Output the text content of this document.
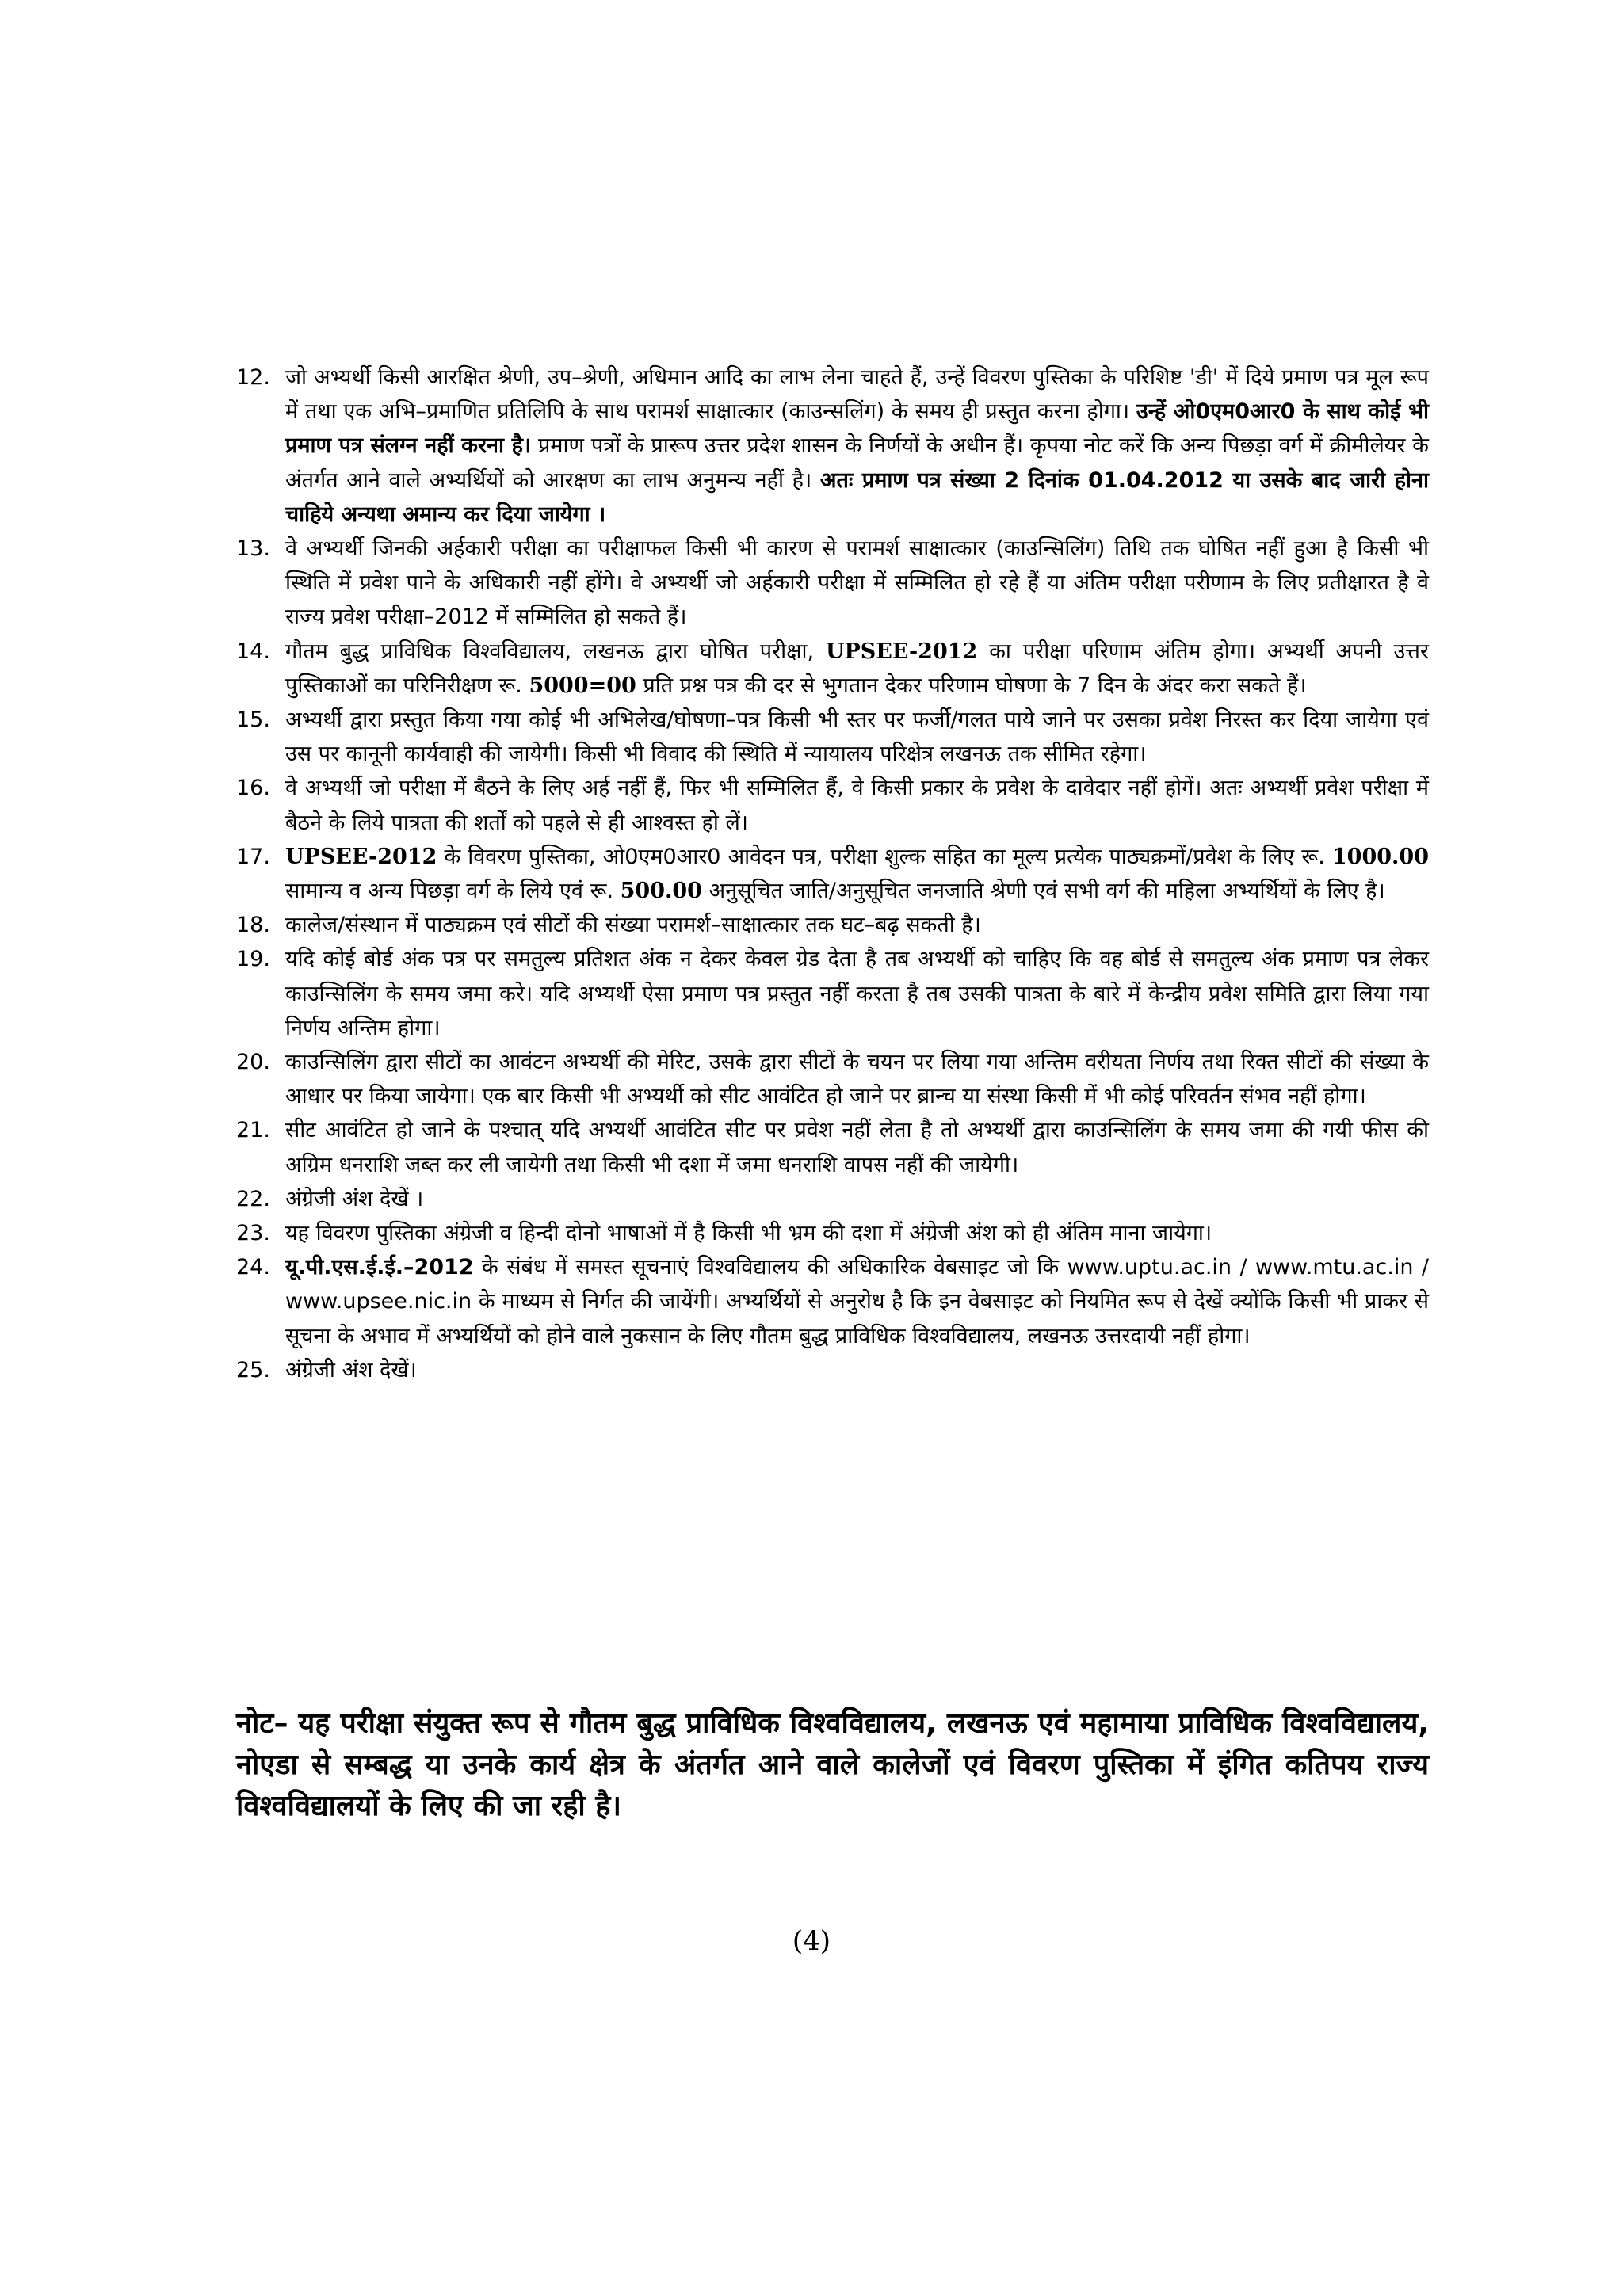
12. जो अभ्यर्थी किसी आरक्षित श्रेणी, उप–श्रेणी, अधिमान आदि का लाभ लेना चाहते हैं, उन्हें विवरण पुस्तिका के परिशिष्ट 'डी' में दिये प्रमाण पत्र मूल रूप में तथा एक अभि–प्रमाणित प्रतिलिपि के साथ परामर्श साक्षात्कार (काउन्सलिंग) के समय ही प्रस्तुत करना होगा। उन्हें ओ0एम0आर0 के साथ कोई भी प्रमाण पत्र संलग्न नहीं करना है। प्रमाण पत्रों के प्रारूप उत्तर प्रदेश शासन के निर्णयों के अधीन हैं। कृपया नोट करें कि अन्य पिछड़ा वर्ग में क्रीमीलेयर के अंतर्गत आने वाले अभ्यर्थियों को आरक्षण का लाभ अनुमन्य नहीं है। अतः प्रमाण पत्र संख्या 2 दिनांक 01.04.2012 या उसके बाद जारी होना चाहिये अन्यथा अमान्य कर दिया जायेगा ।
13. वे अभ्यर्थी जिनकी अर्हकारी परीक्षा का परीक्षाफल किसी भी कारण से परामर्श साक्षात्कार (काउन्सिलिंग) तिथि तक घोषित नहीं हुआ है किसी भी स्थिति में प्रवेश पाने के अधिकारी नहीं होंगे। वे अभ्यर्थी जो अर्हकारी परीक्षा में सम्मिलित हो रहे हैं या अंतिम परीक्षा परीणाम के लिए प्रतीक्षारत है वे राज्य प्रवेश परीक्षा–2012 में सम्मिलित हो सकते हैं।
14. गौतम बुद्ध प्राविधिक विश्वविद्यालय, लखनऊ द्वारा घोषित परीक्षा, UPSEE-2012 का परीक्षा परिणाम अंतिम होगा। अभ्यर्थी अपनी उत्तर पुस्तिकाओं का परिनिरीक्षण रू. 5000=00 प्रति प्रश्न पत्र की दर से भुगतान देकर परिणाम घोषणा के 7 दिन के अंदर करा सकते हैं।
15. अभ्यर्थी द्वारा प्रस्तुत किया गया कोई भी अभिलेख/घोषणा–पत्र किसी भी स्तर पर फर्जी/गलत पाये जाने पर उसका प्रवेश निरस्त कर दिया जायेगा एवं उस पर कानूनी कार्यवाही की जायेगी। किसी भी विवाद की स्थिति में न्यायालय परिक्षेत्र लखनऊ तक सीमित रहेगा।
16. वे अभ्यर्थी जो परीक्षा में बैठने के लिए अर्ह नहीं हैं, फिर भी सम्मिलित हैं, वे किसी प्रकार के प्रवेश के दावेदार नहीं होगें। अतः अभ्यर्थी प्रवेश परीक्षा में बैठने के लिये पात्रता की शर्तों को पहले से ही आश्वस्त हो लें।
17. UPSEE-2012 के विवरण पुस्तिका, ओ0एम0आर0 आवेदन पत्र, परीक्षा शुल्क सहित का मूल्य प्रत्येक पाठ्यक्रमों/प्रवेश के लिए रू. 1000.00 सामान्य व अन्य पिछड़ा वर्ग के लिये एवं रू. 500.00 अनुसूचित जाति/अनुसूचित जनजाति श्रेणी एवं सभी वर्ग की महिला अभ्यर्थियों के लिए है।
18. कालेज/संस्थान में पाठ्यक्रम एवं सीटों की संख्या परामर्श–साक्षात्कार तक घट–बढ़ सकती है।
19. यदि कोई बोर्ड अंक पत्र पर समतुल्य प्रतिशत अंक न देकर केवल ग्रेड देता है तब अभ्यर्थी को चाहिए कि वह बोर्ड से समतुल्य अंक प्रमाण पत्र लेकर काउन्सिलिंग के समय जमा करे। यदि अभ्यर्थी ऐसा प्रमाण पत्र प्रस्तुत नहीं करता है तब उसकी पात्रता के बारे में केन्द्रीय प्रवेश समिति द्वारा लिया गया निर्णय अन्तिम होगा।
20. काउन्सिलिंग द्वारा सीटों का आवंटन अभ्यर्थी की मेरिट, उसके द्वारा सीटों के चयन पर लिया गया अन्तिम वरीयता निर्णय तथा रिक्त सीटों की संख्या के आधार पर किया जायेगा। एक बार किसी भी अभ्यर्थी को सीट आवंटित हो जाने पर ब्रान्च या संस्था किसी में भी कोई परिवर्तन संभव नहीं होगा।
21. सीट आवंटित हो जाने के पश्चात् यदि अभ्यर्थी आवंटित सीट पर प्रवेश नहीं लेता है तो अभ्यर्थी द्वारा काउन्सिलिंग के समय जमा की गयी फीस की अग्रिम धनराशि जब्त कर ली जायेगी तथा किसी भी दशा में जमा धनराशि वापस नहीं की जायेगी।
22. अंग्रेजी अंश देखें ।
23. यह विवरण पुस्तिका अंग्रेजी व हिन्दी दोनो भाषाओं में है किसी भी भ्रम की दशा में अंग्रेजी अंश को ही अंतिम माना जायेगा।
24. यू.पी.एस.ई.ई.–2012 के संबंध में समस्त सूचनाएं विश्वविद्यालय की अधिकारिक वेबसाइट जो कि www.uptu.ac.in / www.mtu.ac.in / www.upsee.nic.in के माध्यम से निर्गत की जायेंगी। अभ्यर्थियों से अनुरोध है कि इन वेबसाइट को नियमित रूप से देखें क्योंकि किसी भी प्राकर से सूचना के अभाव में अभ्यर्थियों को होने वाले नुकसान के लिए गौतम बुद्ध प्राविधिक विश्वविद्यालय, लखनऊ उत्तरदायी नहीं होगा।
25. अंग्रेजी अंश देखें।
नोट– यह परीक्षा संयुक्त रूप से गौतम बुद्ध प्राविधिक विश्वविद्यालय, लखनऊ एवं महामाया प्राविधिक विश्वविद्यालय, नोएडा से सम्बद्ध या उनके कार्य क्षेत्र के अंतर्गत आने वाले कालेजों एवं विवरण पुस्तिका में इंगित कतिपय राज्य विश्वविद्यालयों के लिए की जा रही है।
(4)
